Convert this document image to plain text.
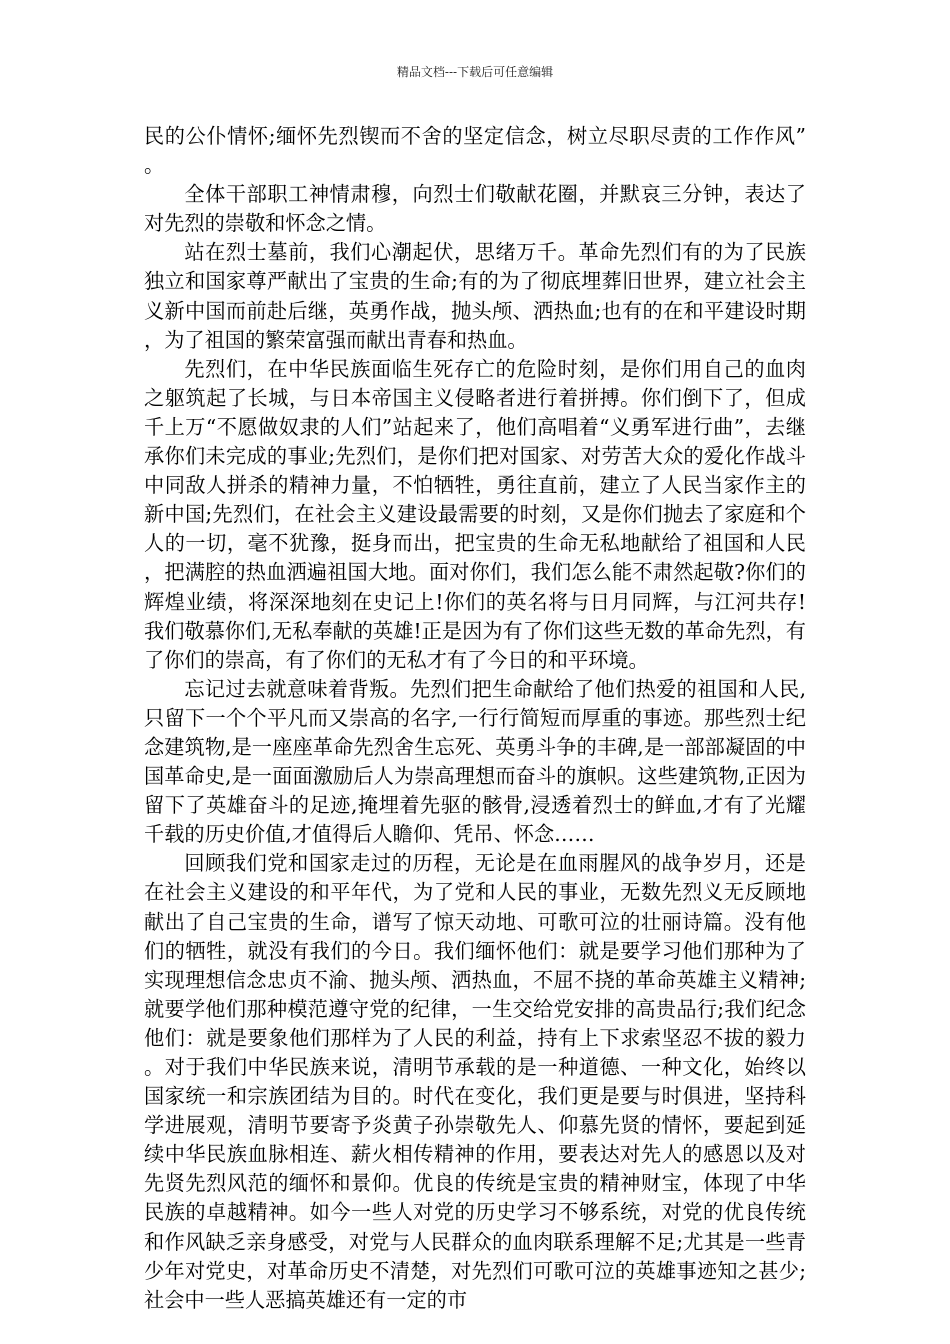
精品文档---下载后可任意编辑

民的公仆情怀;缅怀先烈锲而不舍的坚定信念，树立尽职尽责的工作作风”。

全体干部职工神情肃穆，向烈士们敬献花圈，并默哀三分钟，表达了对先烈的崇敬和怀念之情。

站在烈士墓前，我们心潮起伏，思绪万千。革命先烈们有的为了民族独立和国家尊严献出了宝贵的生命;有的为了彻底埋葬旧世界，建立社会主义新中国而前赴后继，英勇作战，抛头颅、洒热血;也有的在和平建设时期，为了祖国的繁荣富强而献出青春和热血。

先烈们，在中华民族面临生死存亡的危险时刻，是你们用自己的血肉之躯筑起了长城，与日本帝国主义侵略者进行着拼搏。你们倒下了，但成千上万“不愿做奴隶的人们”站起来了，他们高唱着“义勇军进行曲”，去继承你们未完成的事业;先烈们，是你们把对国家、对劳苦大众的爱化作战斗中同敌人拼杀的精神力量，不怕牺牲，勇往直前，建立了人民当家作主的新中国;先烈们，在社会主义建设最需要的时刻，又是你们抛去了家庭和个人的一切，毫不犹豫，挺身而出，把宝贵的生命无私地献给了祖国和人民，把满腔的热血洒遍祖国大地。面对你们，我们怎么能不肃然起敬?你们的辉煌业绩，将深深地刻在史记上!你们的英名将与日月同辉，与江河共存!我们敬慕你们,无私奉献的英雄!正是因为有了你们这些无数的革命先烈，有了你们的崇高，有了你们的无私才有了今日的和平环境。

忘记过去就意味着背叛。先烈们把生命献给了他们热爱的祖国和人民,只留下一个个平凡而又崇高的名字,一行行简短而厚重的事迹。那些烈士纪念建筑物,是一座座革命先烈舍生忘死、英勇斗争的丰碑,是一部部凝固的中国革命史,是一面面激励后人为崇高理想而奋斗的旗帜。这些建筑物,正因为留下了英雄奋斗的足迹,掩埋着先驱的骸骨,浸透着烈士的鲜血,才有了光耀千载的历史价值,才值得后人瞻仰、凭吊、怀念……

回顾我们党和国家走过的历程，无论是在血雨腥风的战争岁月，还是在社会主义建设的和平年代，为了党和人民的事业，无数先烈义无反顾地献出了自己宝贵的生命，谱写了惊天动地、可歌可泣的壮丽诗篇。没有他们的牺牲，就没有我们的今日。我们缅怀他们：就是要学习他们那种为了实现理想信念忠贞不渝、抛头颅、洒热血，不屈不挠的革命英雄主义精神;就要学他们那种模范遵守党的纪律，一生交给党安排的高贵品行;我们纪念他们：就是要象他们那样为了人民的利益，持有上下求索坚忍不拔的毅力。对于我们中华民族来说，清明节承载的是一种道德、一种文化，始终以国家统一和宗族团结为目的。时代在变化，我们更是要与时俱进，坚持科学进展观，清明节要寄予炎黄子孙崇敬先人、仰慕先贤的情怀，要起到延续中华民族血脉相连、薪火相传精神的作用，要表达对先人的感恩以及对先贤先烈风范的缅怀和景仰。优良的传统是宝贵的精神财宝，体现了中华民族的卓越精神。如今一些人对党的历史学习不够系统，对党的优良传统和作风缺乏亲身感受，对党与人民群众的血肉联系理解不足;尤其是一些青少年对党史，对革命历史不清楚，对先烈们可歌可泣的英雄事迹知之甚少;社会中一些人恶搞英雄还有一定的市
